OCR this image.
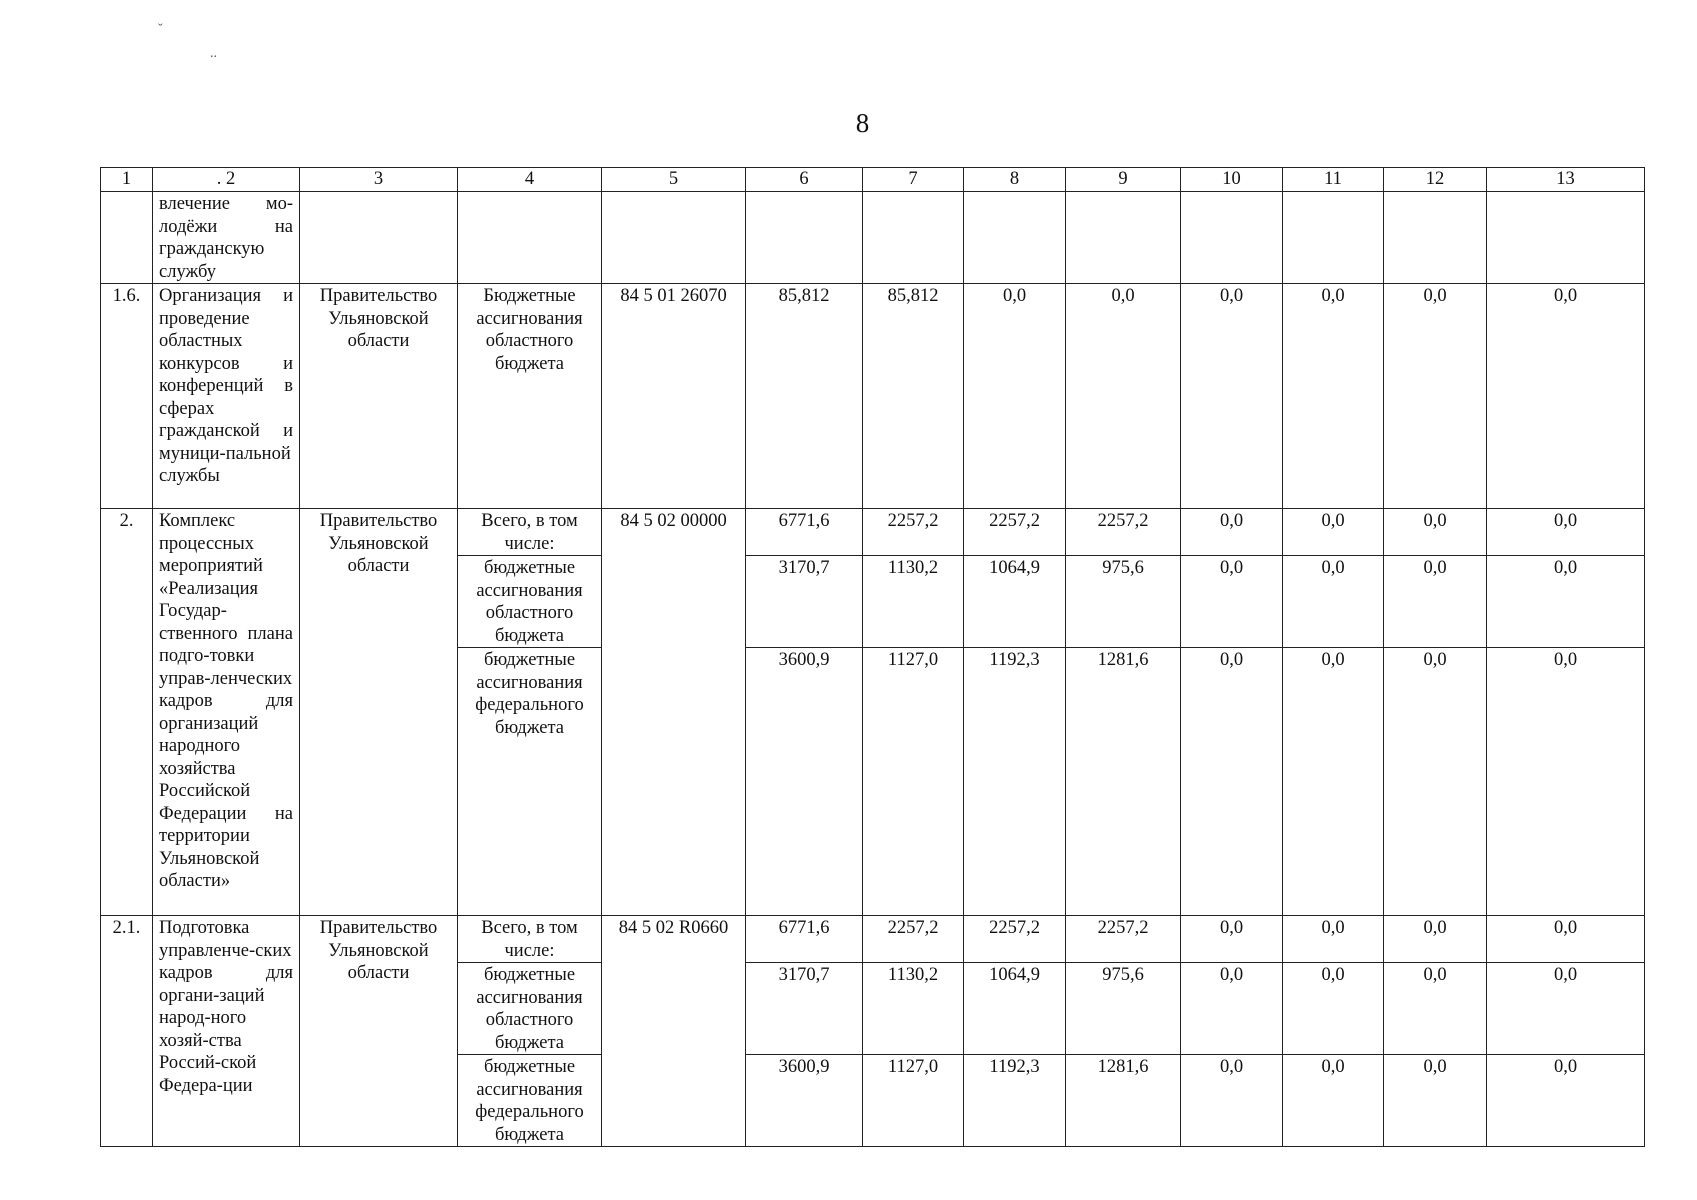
ˇ
..
8
1	. 2	3	4	5	6	7	8	9	10	11	12	13
	влечение мо-лодёжи на гражданскую службу											
1.6.	Организация и проведение областных конкурсов и конференций в сферах гражданской и муници-пальной службы	Правительство Ульяновской области	Бюджетные ассигнования областного бюджета	84 5 01 26070	85,812	85,812	0,0	0,0	0,0	0,0	0,0	0,0
2.	Комплекс процессных мероприятий «Реализация Государ-ственного плана подго-товки управ-ленческих кадров для организаций народного хозяйства Российской Федерации на территории Ульяновской области»	Правительство Ульяновской области	Всего, в том числе:	84 5 02 00000	6771,6	2257,2	2257,2	2257,2	0,0	0,0	0,0	0,0
			бюджетные ассигнования областного бюджета		3170,7	1130,2	1064,9	975,6	0,0	0,0	0,0	0,0
			бюджетные ассигнования федерального бюджета		3600,9	1127,0	1192,3	1281,6	0,0	0,0	0,0	0,0
2.1.	Подготовка управленче-ских кадров для органи-заций народ-ного хозяй-ства Россий-ской Федера-ции	Правительство Ульяновской области	Всего, в том числе:	84 5 02 R0660	6771,6	2257,2	2257,2	2257,2	0,0	0,0	0,0	0,0
			бюджетные ассигнования областного бюджета		3170,7	1130,2	1064,9	975,6	0,0	0,0	0,0	0,0
			бюджетные ассигнования федерального бюджета		3600,9	1127,0	1192,3	1281,6	0,0	0,0	0,0	0,0
